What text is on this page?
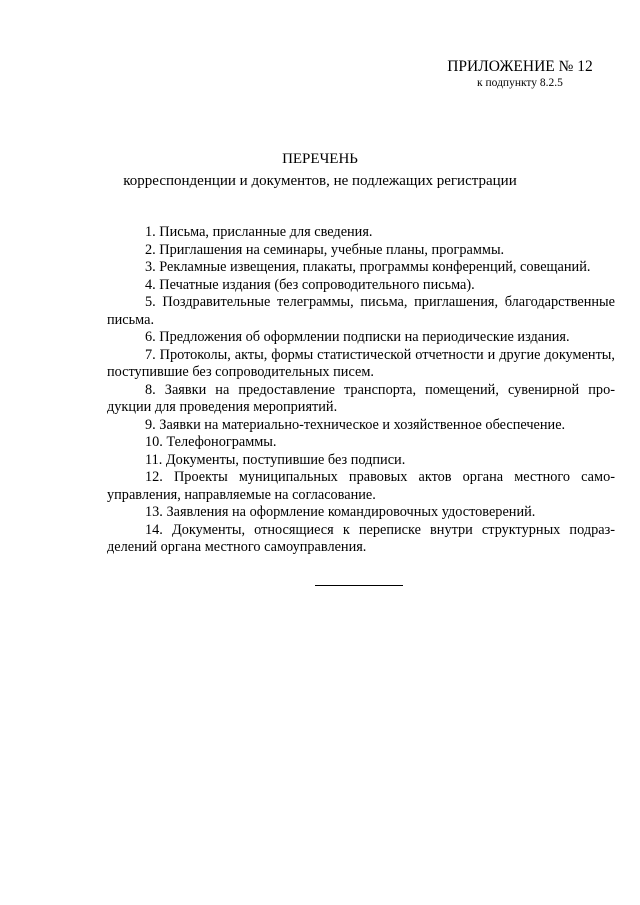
ПРИЛОЖЕНИЕ № 12
к подпункту 8.2.5
ПЕРЕЧЕНЬ
корреспонденции и документов, не подлежащих регистрации

1. Письма, присланные для сведения.

2. Приглашения на семинары, учебные планы, программы.

3. Рекламные извещения, плакаты, программы конференций, совещаний.

4. Печатные издания (без сопроводительного письма).

5. Поздравительные телеграммы, письма, приглашения, благодарственные письма.

6. Предложения об оформлении подписки на периодические издания.

7. Протоколы, акты, формы статистической отчетности и другие документы, поступившие без сопроводительных писем.

8. Заявки на предоставление транспорта, помещений, сувенирной продукции для проведения мероприятий.

9. Заявки на материально-техническое и хозяйственное обеспечение.

10. Телефонограммы.

11. Документы, поступившие без подписи.

12. Проекты муниципальных правовых актов органа местного самоуправления, направляемые на согласование.

13. Заявления на оформление командировочных удостоверений.

14. Документы, относящиеся к переписке внутри структурных подразделений органа местного самоуправления.
